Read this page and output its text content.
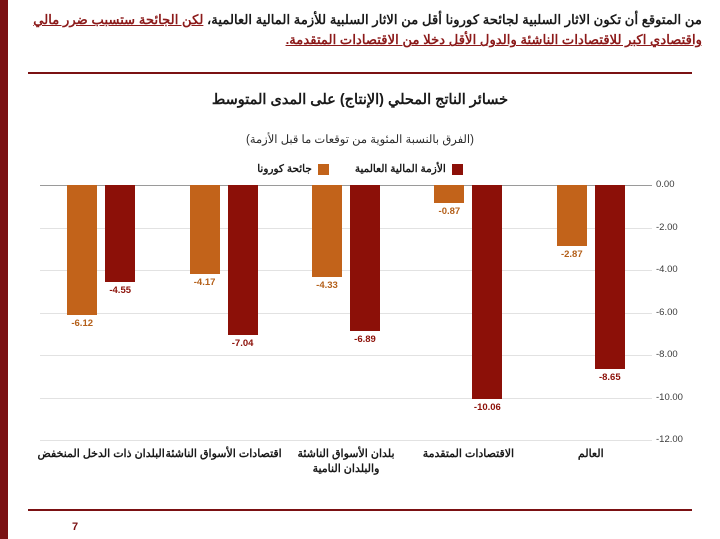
من المتوقع أن تكون الاثار السلبية لجائحة كورونا أقل من الاثار السلبية للأزمة المالية العالمية، لكن الجائحة ستسبب ضرر مالي واقتصادي اكبر للاقتصادات الناشئة والدول الأقل دخلا من الاقتصادات المتقدمة.
خسائر الناتج المحلي (الإنتاج) على المدى المتوسط
(الفرق بالنسبة المئوية من توقعات ما قبل الأزمة)
الأزمة المالية العالمية
جائحة كورونا
0.00
-2.00
-4.00
-6.00
-8.00
-10.00
-12.00
-6.12
-4.55
البلدان ذات الدخل المنخفض
-4.17
-7.04
اقتصادات الأسواق الناشئة
-4.33
-6.89
بلدان الأسواق الناشئة والبلدان النامية
-0.87
-10.06
الاقتصادات المتقدمة
-2.87
-8.65
العالم
7
